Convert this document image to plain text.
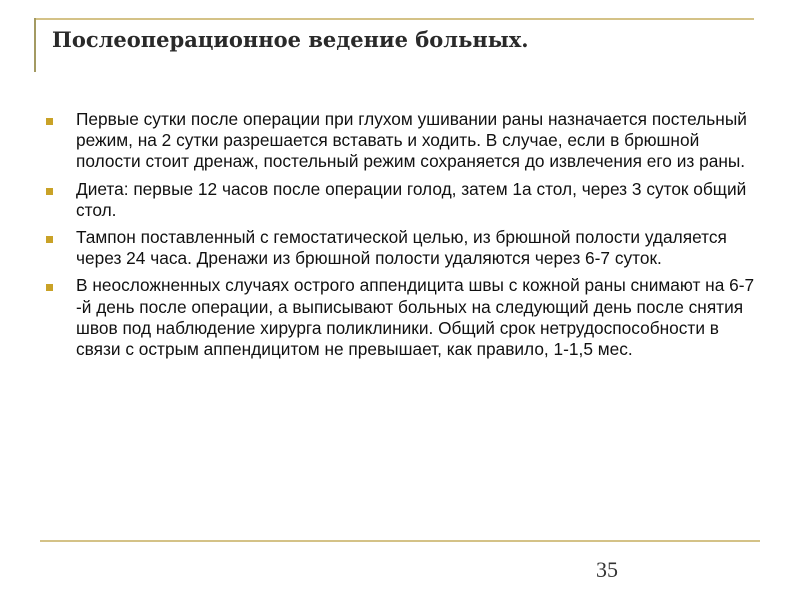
Послеоперационное ведение больных.
Первые сутки после операции при глухом ушивании раны назначается постельный режим, на 2 сутки разрешается вставать и ходить. В случае, если в брюшной полости стоит дренаж, постельный режим сохраняется до извлечения его из раны.
Диета: первые 12 часов после операции голод, затем 1а стол, через 3 суток общий стол.
Тампон поставленный с гемостатической целью, из брюшной полости удаляется через 24 часа. Дренажи из брюшной полости удаляются через 6-7 суток.
В неосложненных случаях острого аппендицита швы с кожной раны снимают на 6-7 -й день после операции, а выписывают больных на следующий день после снятия швов под наблюдение хирурга поликлиники. Общий срок нетрудоспособности в связи с острым аппендицитом не превышает, как правило, 1-1,5 мес.
35
